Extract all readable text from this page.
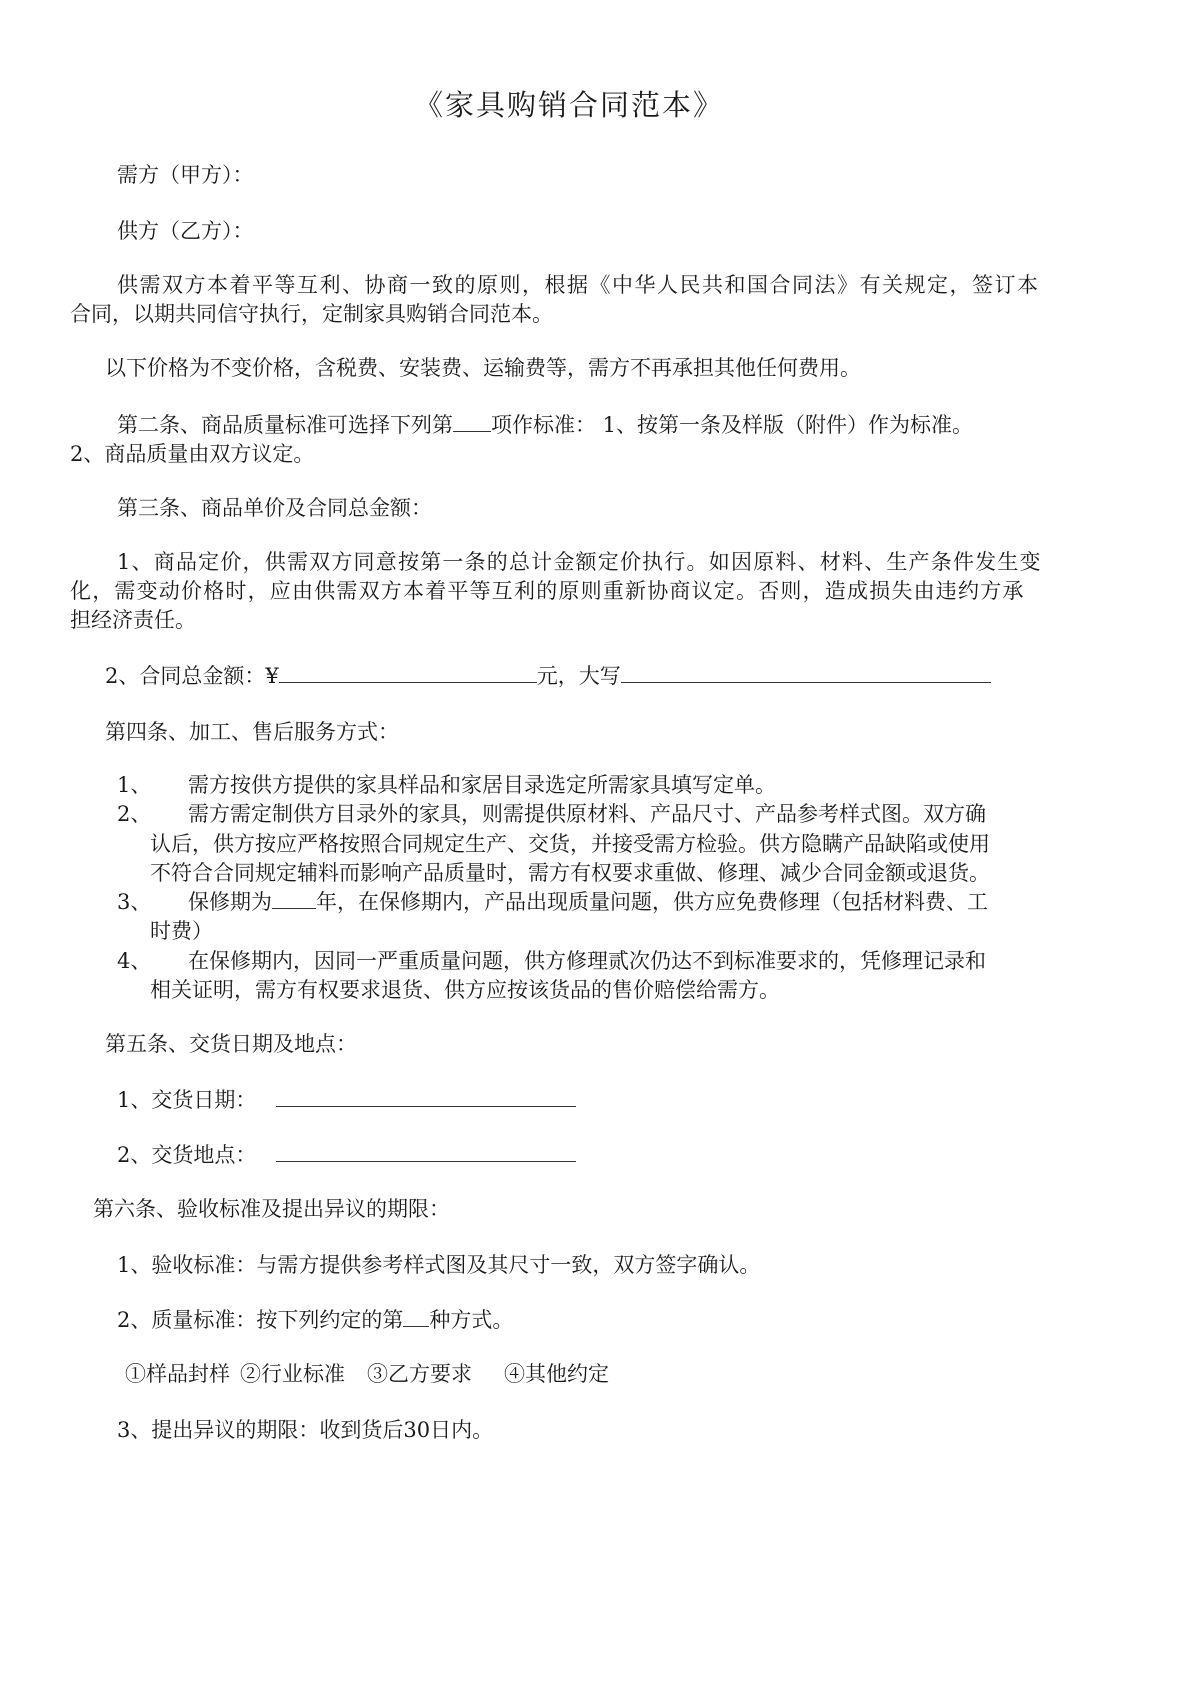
《家具购销合同范本》
需方（甲方）：
供方（乙方）：
供需双方本着平等互利、协商一致的原则，根据《中华人民共和国合同法》有关规定，签订本
合同，以期共同信守执行，定制家具购销合同范本。
以下价格为不变价格，含税费、安装费、运输费等，需方不再承担其他任何费用。
第二条、商品质量标准可选择下列第 项作标准： 1、按第一条及样版（附件）作为标准。
2、商品质量由双方议定。
第三条、商品单价及合同总金额：
1、商品定价，供需双方同意按第一条的总计金额定价执行。如因原料、材料、生产条件发生变
化，需变动价格时，应由供需双方本着平等互利的原则重新协商议定。否则，造成损失由违约方承
担经济责任。
2、合同总金额：¥	元，大写
第四条、加工、售后服务方式：
1、 需方按供方提供的家具样品和家居目录选定所需家具填写定单。
2、 需方需定制供方目录外的家具，则需提供原材料、产品尺寸、产品参考样式图。双方确
认后，供方按应严格按照合同规定生产、交货，并接受需方检验。供方隐瞒产品缺陷或使用
不符合合同规定辅料而影响产品质量时，需方有权要求重做、修理、减少合同金额或退货。
3、 保修期为 年，在保修期内，产品出现质量问题，供方应免费修理（包括材料费、工
时费）
4、 在保修期内，因同一严重质量问题，供方修理贰次仍达不到标准要求的，凭修理记录和
相关证明，需方有权要求退货、供方应按该货品的售价赔偿给需方。
第五条、交货日期及地点：
1、交货日期：
2、交货地点：
第六条、验收标准及提出异议的期限：
1、验收标准：与需方提供参考样式图及其尺寸一致，双方签字确认。
2、质量标准：按下列约定的第 种方式。
①样品封样 ②行业标准 ③乙方要求 ④其他约定
3、提出异议的期限：收到货后30日内。
